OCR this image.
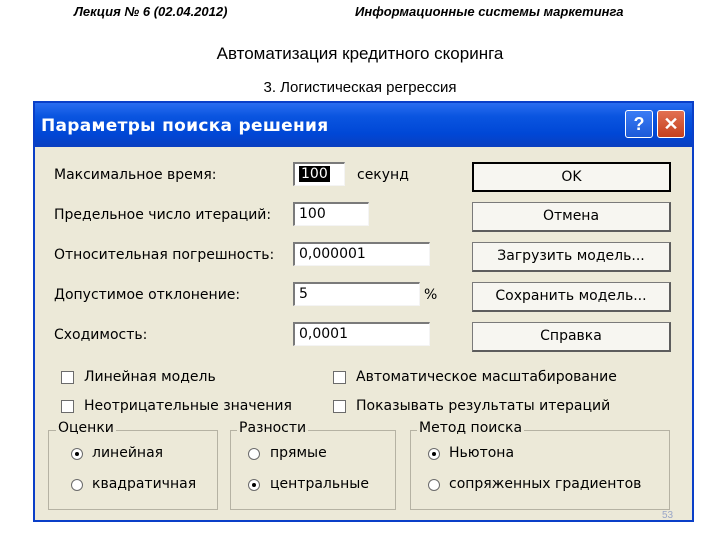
Лекция № 6 (02.04.2012)	Информационные системы маркетинга
Автоматизация кредитного скоринга
3. Логистическая регрессия
Параметры поиска решения	?	✕
Максимальное время:	100	секунд
Предельное число итераций:	100
Относительная погрешность:	0,000001
Допустимое отклонение:	5	%
Сходимость:	0,0001
OK
Отмена
Загрузить модель...
Сохранить модель...
Справка
Линейная модель	Автоматическое масштабирование
Неотрицательные значения	Показывать результаты итераций
Оценки
линейная
квадратичная
Разности
прямые
центральные
Метод поиска
Ньютона
сопряженных градиентов
53
